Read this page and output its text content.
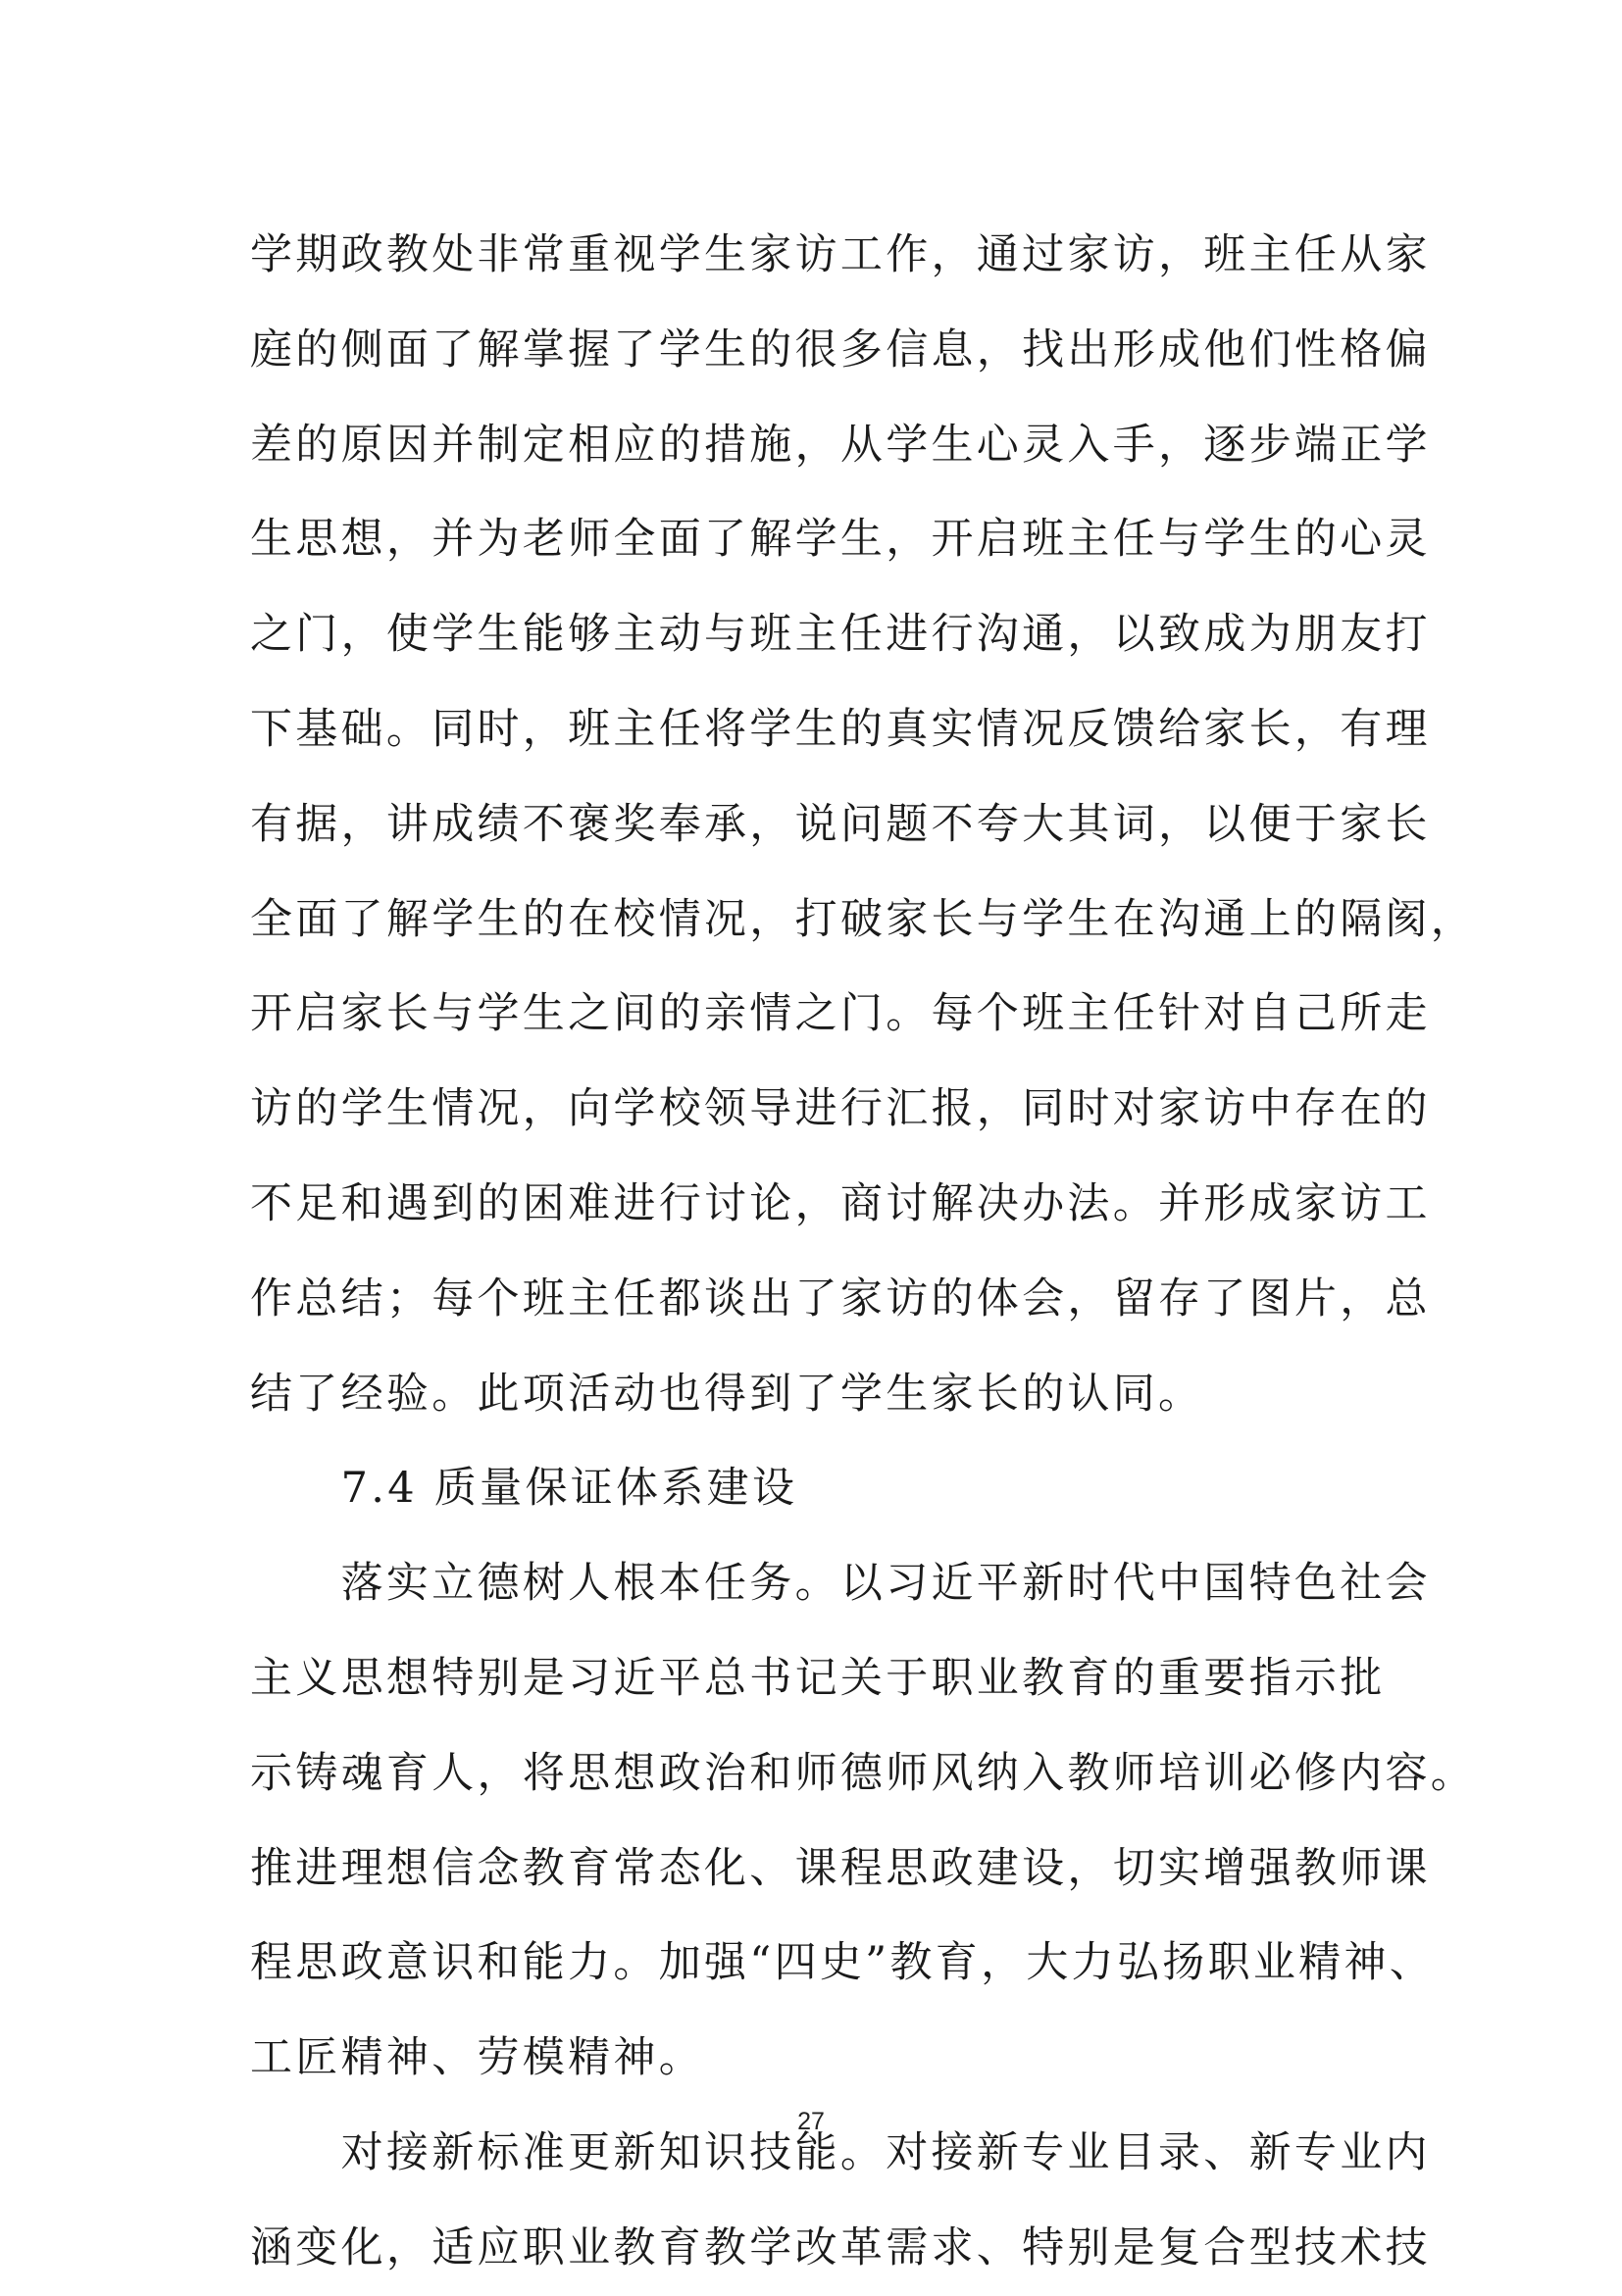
学期政教处非常重视学生家访工作，通过家访，班主任从家
庭的侧面了解掌握了学生的很多信息，找出形成他们性格偏
差的原因并制定相应的措施，从学生心灵入手，逐步端正学
生思想，并为老师全面了解学生，开启班主任与学生的心灵
之门，使学生能够主动与班主任进行沟通，以致成为朋友打
下基础。同时，班主任将学生的真实情况反馈给家长，有理
有据，讲成绩不褒奖奉承，说问题不夸大其词，以便于家长
全面了解学生的在校情况，打破家长与学生在沟通上的隔阂，
开启家长与学生之间的亲情之门。每个班主任针对自己所走
访的学生情况，向学校领导进行汇报，同时对家访中存在的
不足和遇到的困难进行讨论，商讨解决办法。并形成家访工
作总结；每个班主任都谈出了家访的体会，留存了图片，总
结了经验。此项活动也得到了学生家长的认同。
　　7.4 质量保证体系建设
　　落实立德树人根本任务。以习近平新时代中国特色社会
主义思想特别是习近平总书记关于职业教育的重要指示批
示铸魂育人，将思想政治和师德师风纳入教师培训必修内容。
推进理想信念教育常态化、课程思政建设，切实增强教师课
程思政意识和能力。加强“四史”教育，大力弘扬职业精神、
工匠精神、劳模精神。
　　对接新标准更新知识技能。对接新专业目录、新专业内
涵变化，适应职业教育教学改革需求、特别是复合型技术技
27
